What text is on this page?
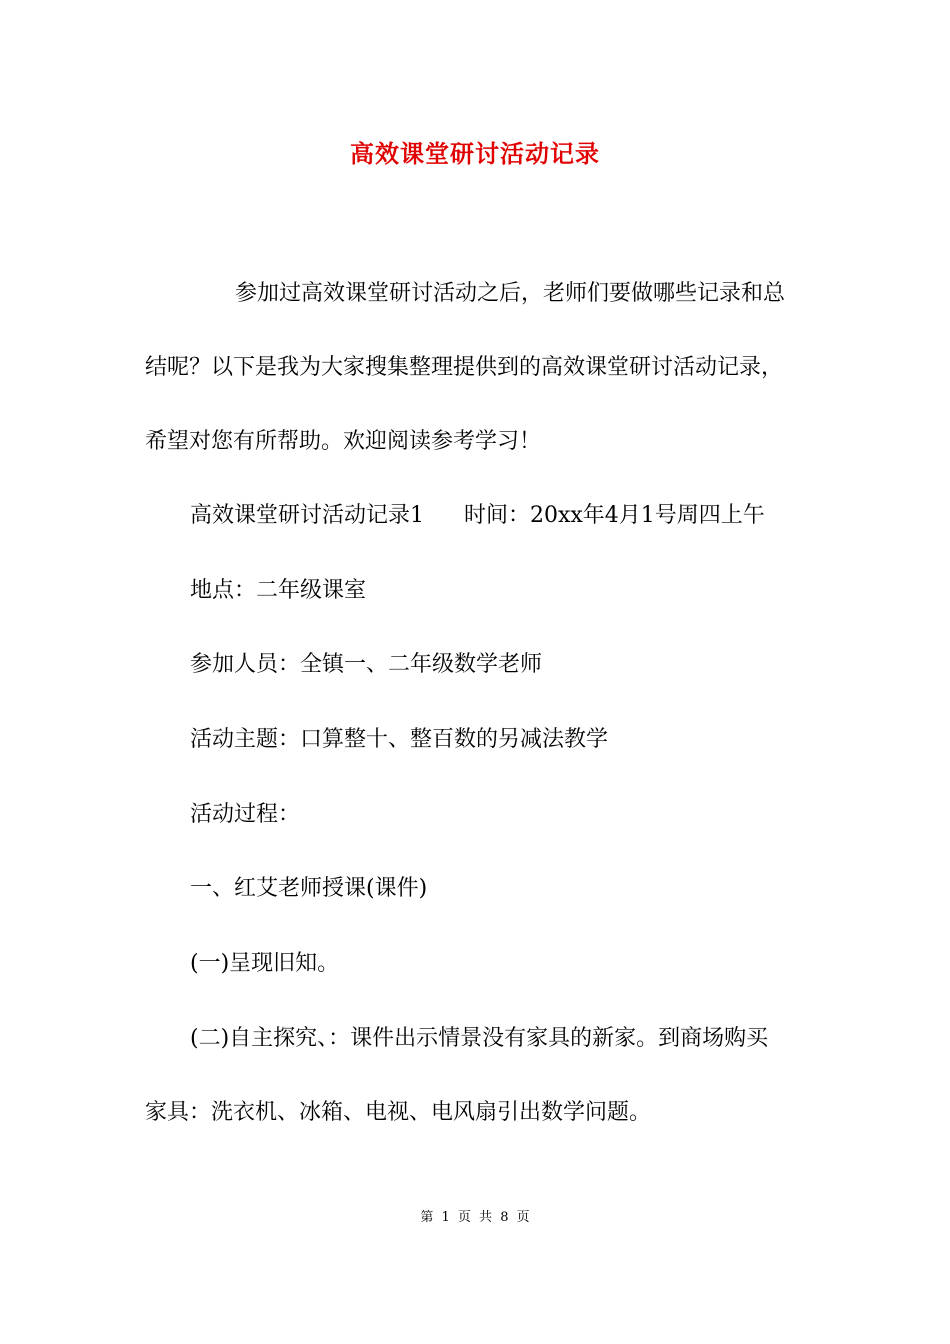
高效课堂研讨活动记录
参加过高效课堂研讨活动之后，老师们要做哪些记录和总
结呢？以下是我为大家搜集整理提供到的高效课堂研讨活动记录，
希望对您有所帮助。欢迎阅读参考学习！
高效课堂研讨活动记录1 时间：20xx年4月1号周四上午
地点：二年级课室
参加人员：全镇一、二年级数学老师
活动主题：口算整十、整百数的另减法教学
活动过程：
一、红艾老师授课(课件)
(一)呈现旧知。
(二)自主探究、：课件出示情景没有家具的新家。到商场购买
家具：洗衣机、冰箱、电视、电风扇引出数学问题。
第 1 页 共 8 页
